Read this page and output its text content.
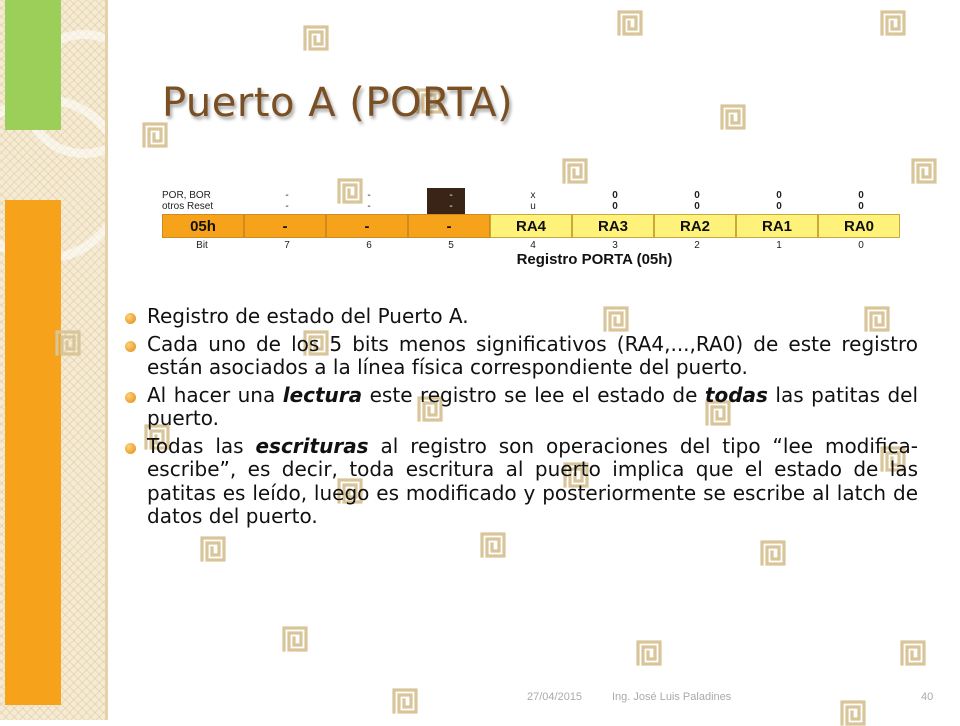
Puerto A (PORTA)
POR, BOR	-	-	-	x	0	0	0	0
otros Reset	-	-	-	u	0	0	0	0
05h	-	-	-	RA4	RA3	RA2	RA1	RA0
Bit	7	6	5	4	3	2	1	0
Registro PORTA (05h)
Registro de estado del Puerto A.
Cada uno de los 5 bits menos significativos (RA4,...,RA0) de este registro están asociados a la línea física correspondiente del puerto.
Al hacer una lectura este registro se lee el estado de todas las patitas del puerto.
Todas las escrituras al registro son operaciones del tipo “lee modifica-escribe”, es decir, toda escritura al puerto implica que el estado de las patitas es leído, luego es modificado y posteriormente se escribe al latch de datos del puerto.
27/04/2015	Ing. José Luis Paladines	40
